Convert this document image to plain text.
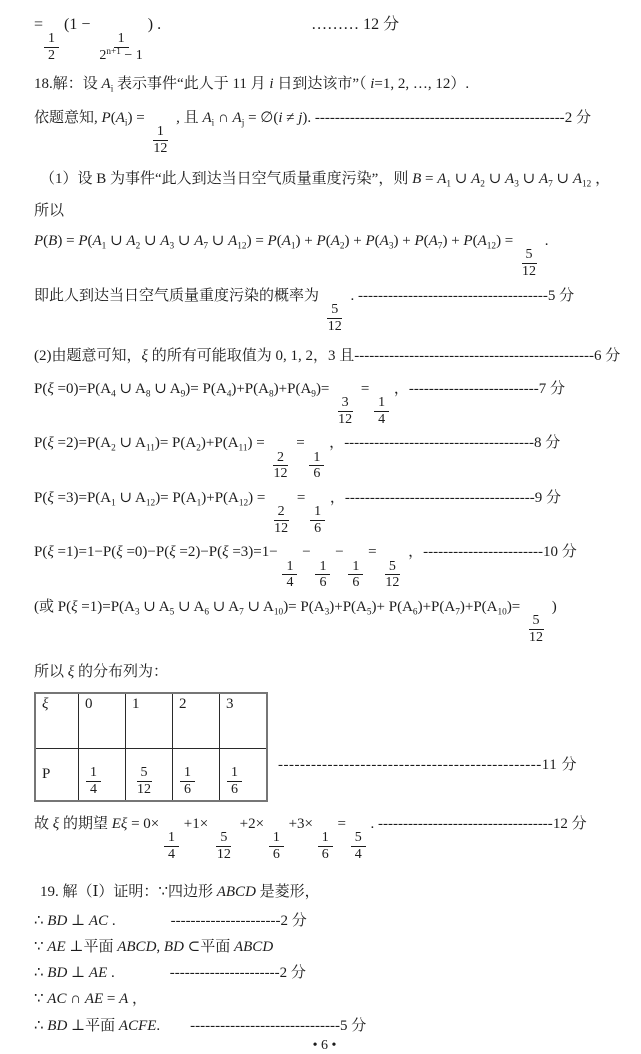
=
$\frac{1}{2}$
(1 −
$\frac{1}{2^{n+1} - 1}$
) .	……… 12 分
18.解：设 $A_i$ 表示事件“此人于 11 月 i 日到达该市”（ i=1, 2, …, 12）.
依题意知, $P(A_i)$ =
$\frac{1}{12}$
, 且 $A_i$ ∩ $A_j$ = ∅(i ≠ j). --------------------------------------------------2 分
（1）设 B 为事件“此人到达当日空气质量重度污染”，则 $B = A_1$ ∪ $A_2$ ∪ $A_3$ ∪ $A_7$ ∪ $A_{12}$ ，
所以
$P(B) = P(A_1$ ∪ $A_2$ ∪ $A_3$ ∪ $A_7$ ∪ $A_{12}) = P(A_1) + P(A_2) + P(A_3) + P(A_7) + P(A_{12})$ =
$\frac{5}{12}$
.
即此人到达当日空气质量重度污染的概率为
$\frac{5}{12}$
. --------------------------------------5 分
(2)由题意可知，ξ 的所有可能取值为 0, 1, 2，3 且------------------------------------------------6 分
$P(\xi =0)=P(A_4$ ∪ $A_8$ ∪ $A_9)= P(A_4)+P(A_8)+P(A_9)=$
$\frac{3}{12}$
=
$\frac{1}{4}$
，--------------------------7 分
$P(\xi =2)=P(A_2$ ∪ $A_{11})= P(A_2)+P(A_{11})$ =
$\frac{2}{12}$
=
$\frac{1}{6}$
，--------------------------------------8 分
$P(\xi =3)=P(A_1$ ∪ $A_{12})= P(A_1)+P(A_{12})$ =
$\frac{2}{12}$
=
$\frac{1}{6}$
，--------------------------------------9 分
P(ξ =1)=1−P(ξ =0)−P(ξ =2)−P(ξ =3)=1−
$\frac{1}{4}$
−
$\frac{1}{6}$
−
$\frac{1}{6}$
=
$\frac{5}{12}$
，------------------------10 分
(或 $P(\xi =1)=P(A_3$ ∪ $A_5$ ∪ $A_6$ ∪ $A_7$ ∪ $A_{10})= P(A_3)+P(A_5)+ P(A_6)+P(A_7)+P(A_{10})=$
$\frac{5}{12}$
)
所以 ξ 的分布列为：
ξ	0	1	2	3
P	$\frac{1}{4}$	$\frac{5}{12}$	$\frac{1}{6}$	$\frac{1}{6}$
------------------------------------------------11 分
故 ξ 的期望 Eξ = 0×
$\frac{1}{4}$
+1×
$\frac{5}{12}$
+2×
$\frac{1}{6}$
+3×
$\frac{1}{6}$
=
$\frac{5}{4}$
. -----------------------------------12 分
19. 解（Ⅰ）证明：∵四边形 ABCD 是菱形，
∴ BD ⊥ AC .	----------------------2 分
∵ AE ⊥平面 ABCD, BD ⊂平面 ABCD
∴ BD ⊥ AE .	----------------------2 分
∵ AC ∩ AE = A ，
∴ BD ⊥平面 ACFE. ------------------------------5 分
• 6 •
